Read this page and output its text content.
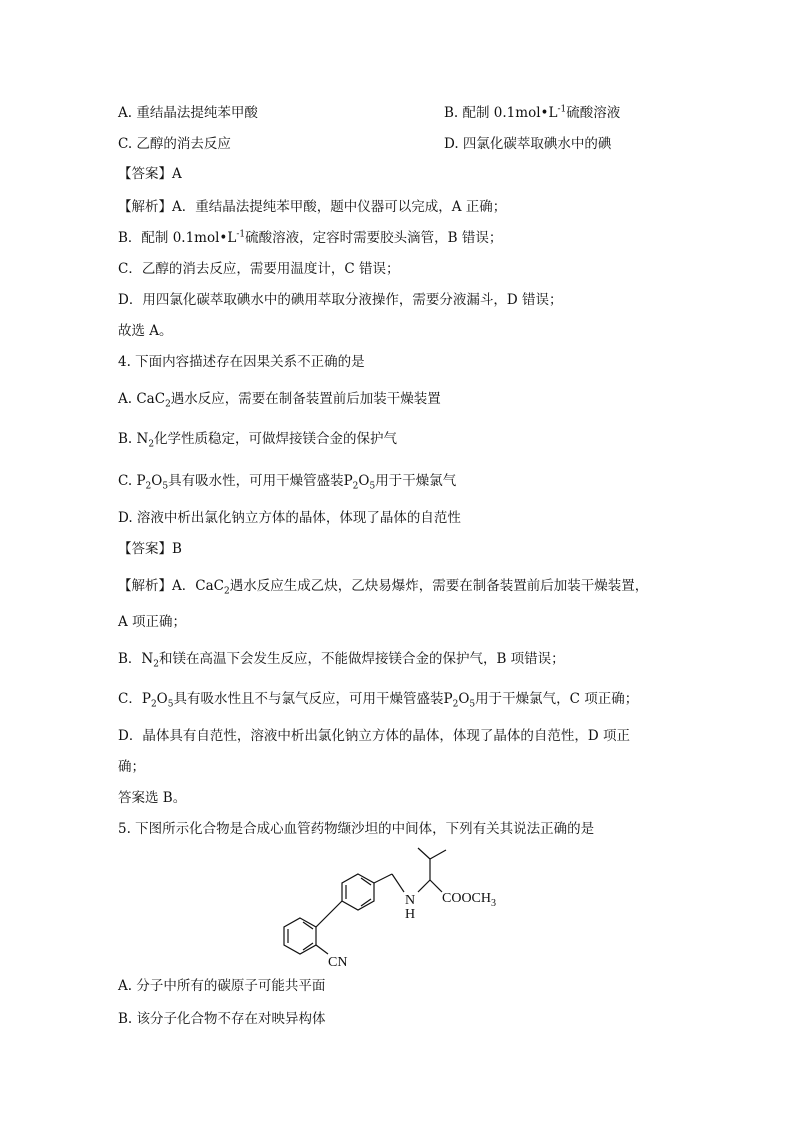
A. 重结晶法提纯苯甲酸	B. 配制 $0.1mol•L^{-1}$硫酸溶液
C. 乙醇的消去反应	D. 四氯化碳萃取碘水中的碘
【答案】A
【解析】A．重结晶法提纯苯甲酸，题中仪器可以完成，A 正确；
B．配制 $0.1mol•L^{-1}$硫酸溶液，定容时需要胶头滴管，B 错误；
C．乙醇的消去反应，需要用温度计，C 错误；
D．用四氯化碳萃取碘水中的碘用萃取分液操作，需要分液漏斗，D 错误；
故选 A。
4. 下面内容描述存在因果关系不正确的是
A. CaC$_2$遇水反应，需要在制备装置前后加装干燥装置
B. $N_2$化学性质稳定，可做焊接镁合金的保护气
C. $P_2O_5$具有吸水性，可用干燥管盛装$P_2O_5$用于干燥氯气
D. 溶液中析出氯化钠立方体的晶体，体现了晶体的自范性
【答案】B
【解析】A．CaC$_2$遇水反应生成乙炔，乙炔易爆炸，需要在制备装置前后加装干燥装置，
A 项正确；
B．$N_2$和镁在高温下会发生反应，不能做焊接镁合金的保护气，B 项错误；
C．$P_2O_5$具有吸水性且不与氯气反应，可用干燥管盛装$P_2O_5$用于干燥氯气，C 项正确；
D．晶体具有自范性，溶液中析出氯化钠立方体的晶体，体现了晶体的自范性，D 项正
确；
答案选 B。
5. 下图所示化合物是合成心血管药物缬沙坦的中间体，下列有关其说法正确的是
N
H
$COOCH_3$
CN
A. 分子中所有的碳原子可能共平面
B. 该分子化合物不存在对映异构体
